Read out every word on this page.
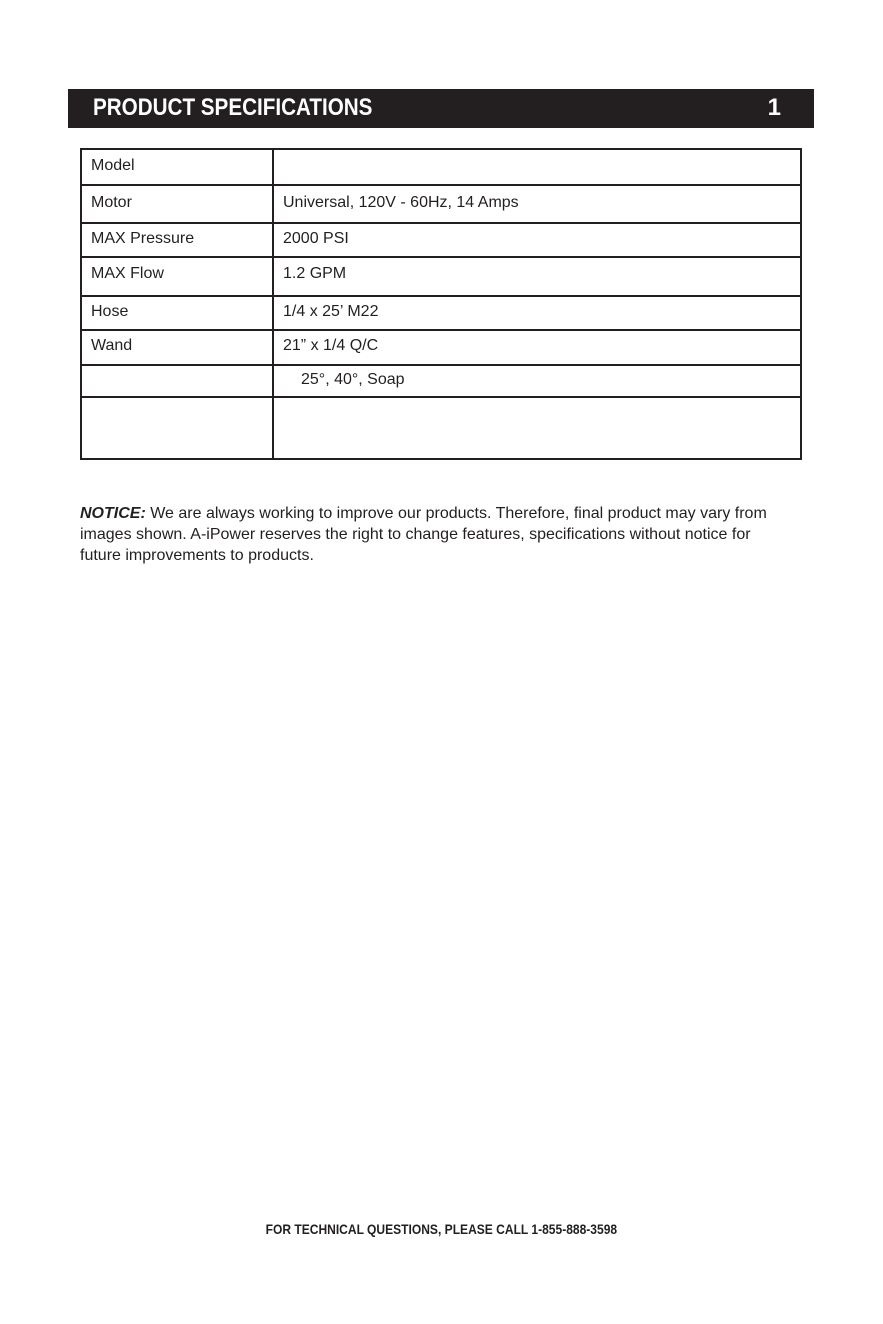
PRODUCT SPECIFICATIONS	1
Model	
Motor	Universal, 120V - 60Hz, 14 Amps
MAX Pressure	2000 PSI
MAX Flow	1.2 GPM
Hose	1/4 x 25’ M22
Wand	21” x 1/4 Q/C
	25°, 40°, Soap

NOTICE: We are always working to improve our products. Therefore, final product may vary from images shown. A-iPower reserves the right to change features, specifications without notice for future improvements to products.
FOR TECHNICAL QUESTIONS, PLEASE CALL 1-855-888-3598
